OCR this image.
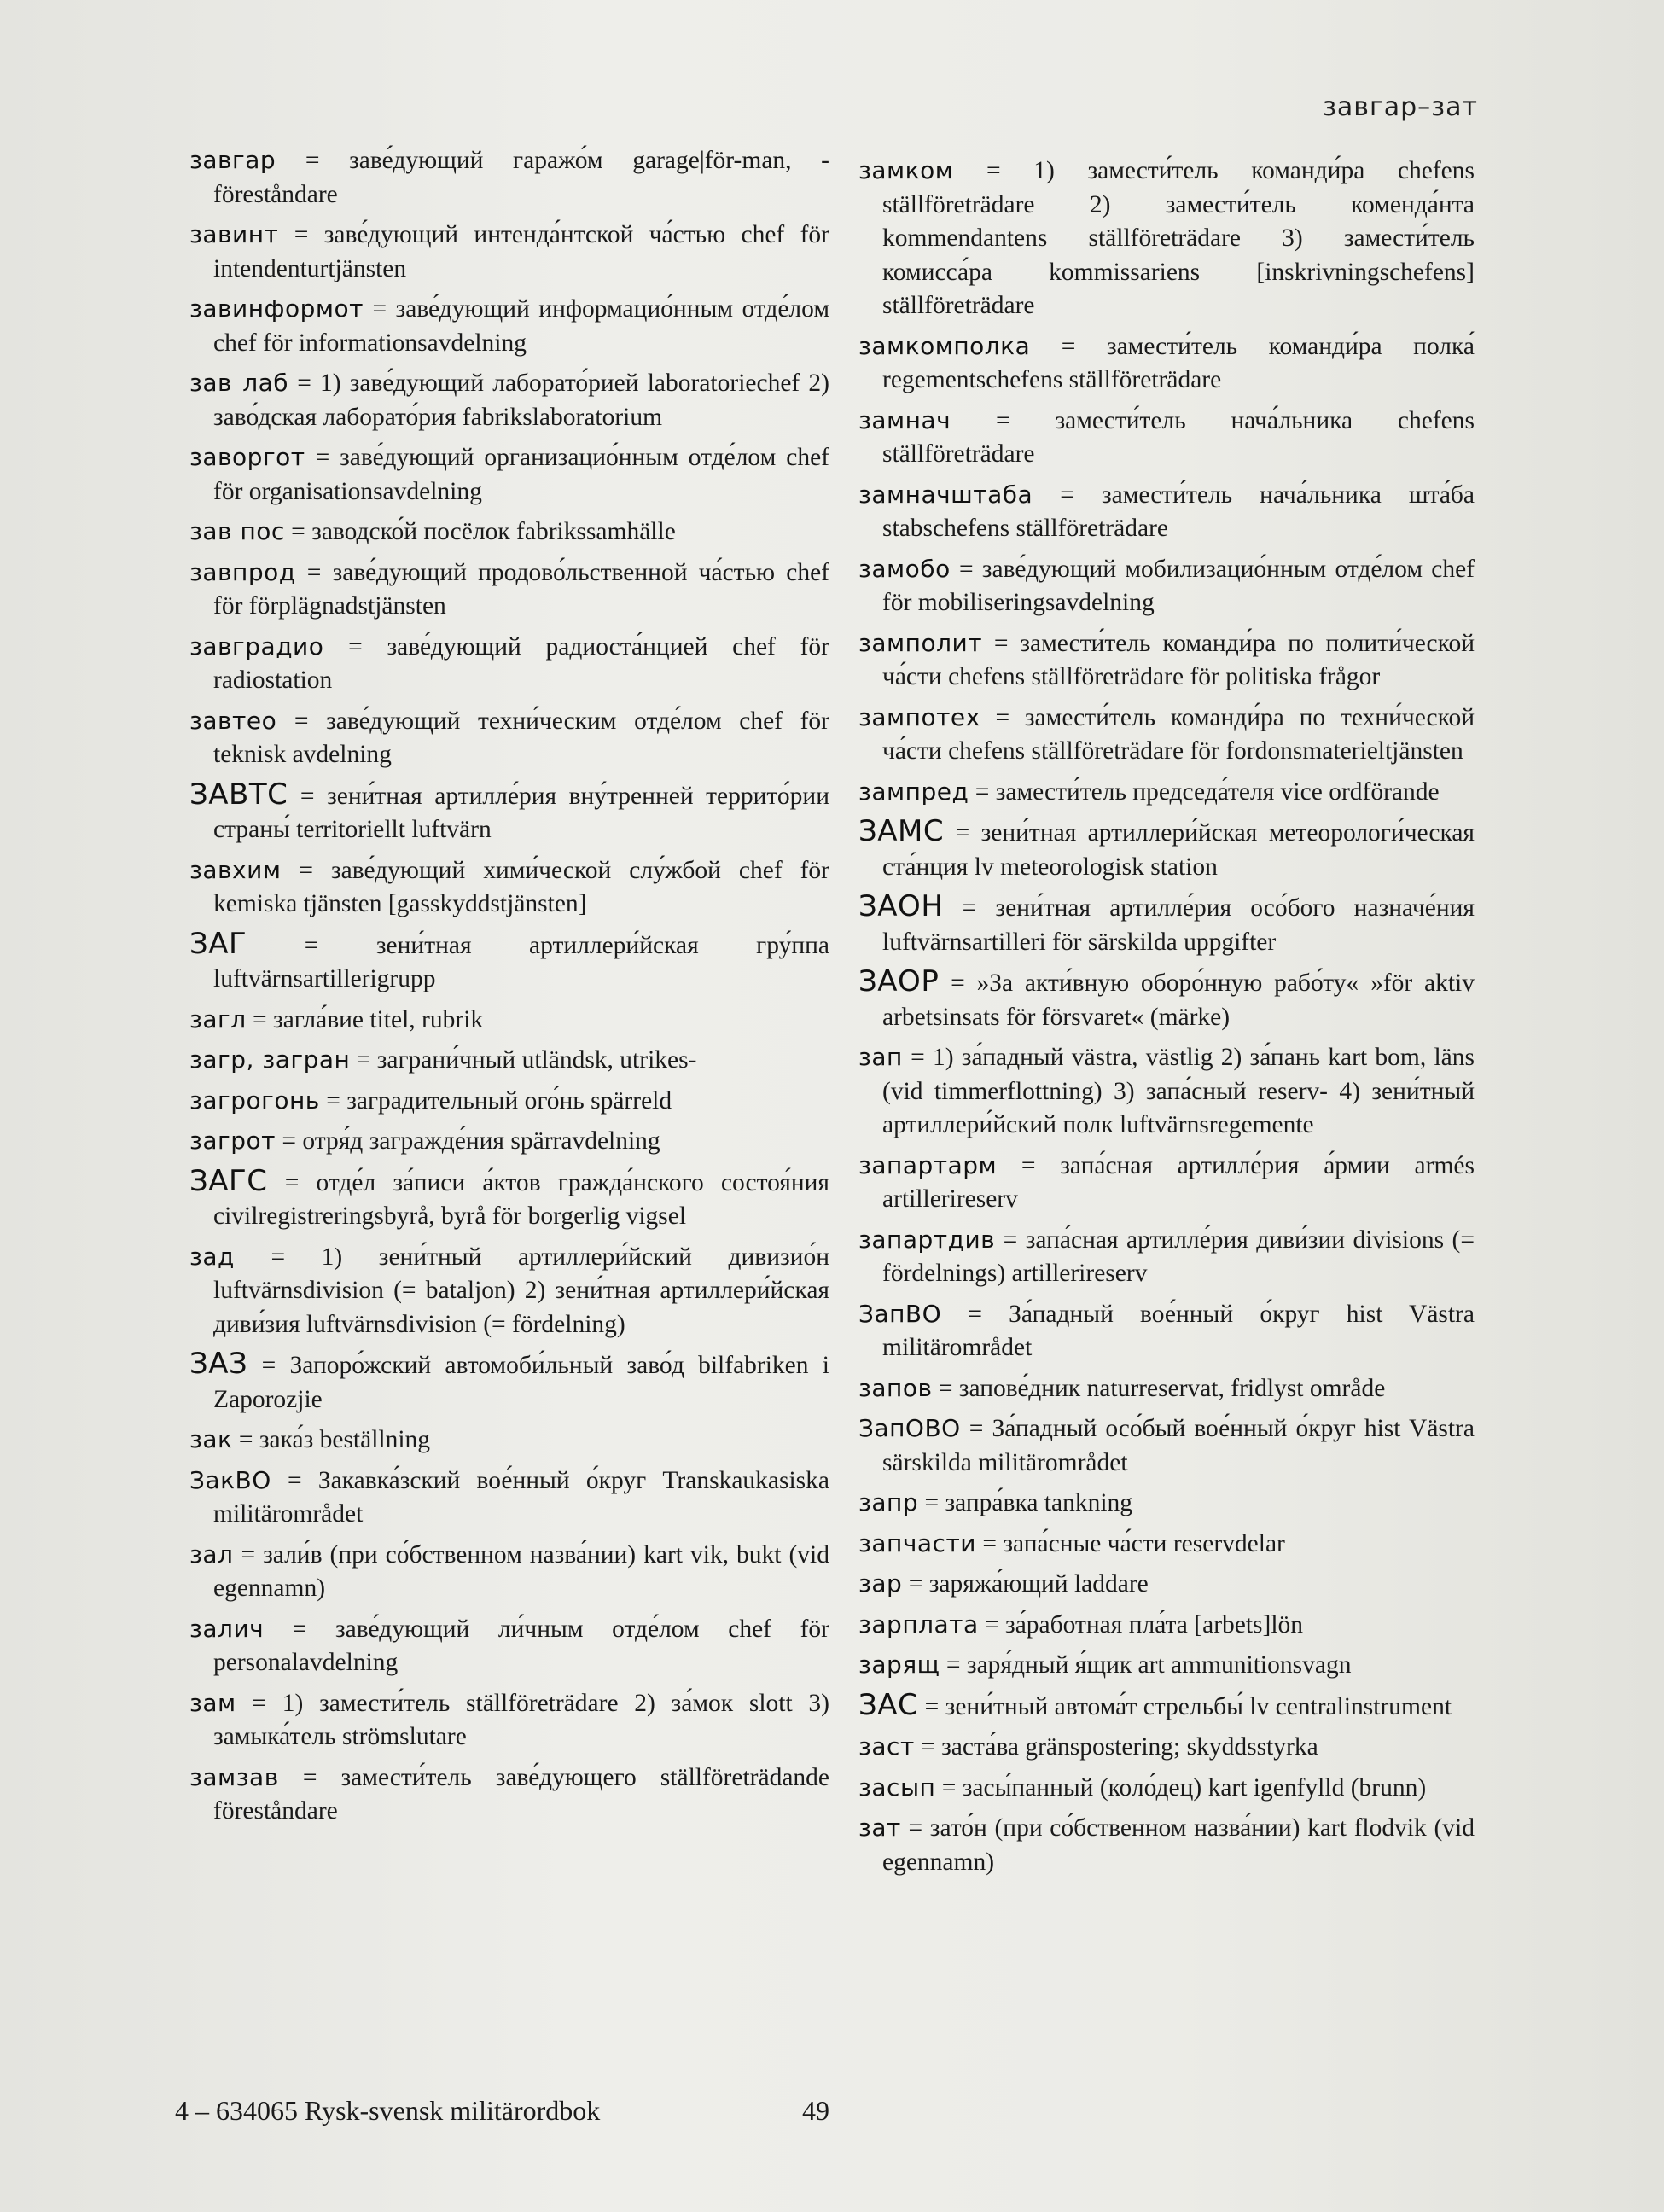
завгар–зат
завгар = заве́дующий гаражо́м garage|för-man, -föreståndare
завинт = заве́дующий интенда́нтской ча́стью chef för intendenturtjänsten
завинформот = заве́дующий информацио́нным отде́лом chef för informationsavdelning
зав лаб = 1) заве́дующий лаборато́рией laboratoriechef 2) заво́дская лаборато́рия fabrikslaboratorium
заворгот = заве́дующий организацио́нным отде́лом chef för organisationsavdelning
зав пос = заводско́й посёлок fabrikssamhälle
завпрод = заве́дующий продово́льственной ча́стью chef för förplägnadstjänsten
завградио = заве́дующий радиоста́нцией chef för radiostation
завтео = заве́дующий техни́ческим отде́лом chef för teknisk avdelning
ЗАВТС = зени́тная артилле́рия вну́тренней террито́рии страны́ territoriellt luftvärn
завхим = заве́дующий хими́ческой слу́жбой chef för kemiska tjänsten [gasskyddstjänsten]
ЗАГ = зени́тная артиллери́йская гру́ппа luftvärnsartillerigrupp
загл = загла́вие titel, rubrik
загр, загран = заграни́чный utländsk, utrikes-
загрогонь = заградительный ого́нь spärreld
загрот = отря́д загражде́ния spärravdelning
ЗАГС = отде́л за́писи а́ктов гражда́нского состоя́ния civilregistreringsbyrå, byrå för borgerlig vigsel
зад = 1) зени́тный артиллери́йский дивизио́н luftvärnsdivision (= bataljon) 2) зени́тная артиллери́йская диви́зия luftvärnsdivision (= fördelning)
ЗАЗ = Запоро́жский автомоби́льный заво́д bilfabriken i Zaporozjie
зак = зака́з beställning
ЗакВО = Закавка́зский вое́нный о́круг Transkaukasiska militärområdet
зал = зали́в (при со́бственном назва́нии) kart vik, bukt (vid egennamn)
залич = заве́дующий ли́чным отде́лом chef för personalavdelning
зам = 1) замести́тель ställföreträdare 2) за́мок slott 3) замыка́тель strömslutare
замзав = замести́тель заве́дующего ställföreträdande föreståndare
замком = 1) замести́тель команди́ра chefens ställföreträdare 2) замести́тель коменда́нта kommendantens ställföreträdare 3) замести́тель комисса́ра kommissariens [inskrivningschefens] ställföreträdare
замкомполка = замести́тель команди́ра полка́ regementschefens ställföreträdare
замнач = замести́тель нача́льника chefens ställföreträdare
замначштаба = замести́тель нача́льника шта́ба stabschefens ställföreträdare
замобо = заве́дующий мобилизацио́нным отде́лом chef för mobiliseringsavdelning
замполит = замести́тель команди́ра по полити́ческой ча́сти chefens ställföreträdare för politiska frågor
зампотех = замести́тель команди́ра по техни́ческой ча́сти chefens ställföreträdare för fordonsmaterieltjänsten
зампред = замести́тель председа́теля vice ordförande
ЗАМС = зени́тная артиллери́йская метеорологи́ческая ста́нция lv meteorologisk station
ЗАОН = зени́тная артилле́рия осо́бого назначе́ния luftvärnsartilleri för särskilda uppgifter
ЗАОР = »За акти́вную оборо́нную рабо́ту« »för aktiv arbetsinsats för försvaret« (märke)
зап = 1) за́падный västra, västlig 2) за́пань kart bom, läns (vid timmerflottning) 3) запа́сный reserv- 4) зени́тный артиллери́йский полк luftvärnsregemente
запартарм = запа́сная артилле́рия а́рмии armés artillerireserv
запартдив = запа́сная артилле́рия диви́зии divisions (= fördelnings) artillerireserv
ЗапВО = За́падный вое́нный о́круг hist Västra militärområdet
запов = запове́дник naturreservat, fridlyst område
ЗапОВО = За́падный осо́бый вое́нный о́круг hist Västra särskilda militärområdet
запр = запра́вка tankning
запчасти = запа́сные ча́сти reservdelar
зар = заряжа́ющий laddare
зарплата = за́работная пла́та [arbets]lön
зарящ = заря́дный я́щик art ammunitionsvagn
ЗАС = зени́тный автома́т стрельбы́ lv centralinstrument
заст = заста́ва gränspostering; skyddsstyrka
засып = засы́панный (коло́дец) kart igenfylld (brunn)
зат = зато́н (при со́бственном назва́нии) kart flodvik (vid egennamn)
4 – 634065 Rysk-svensk militärordbok	49
